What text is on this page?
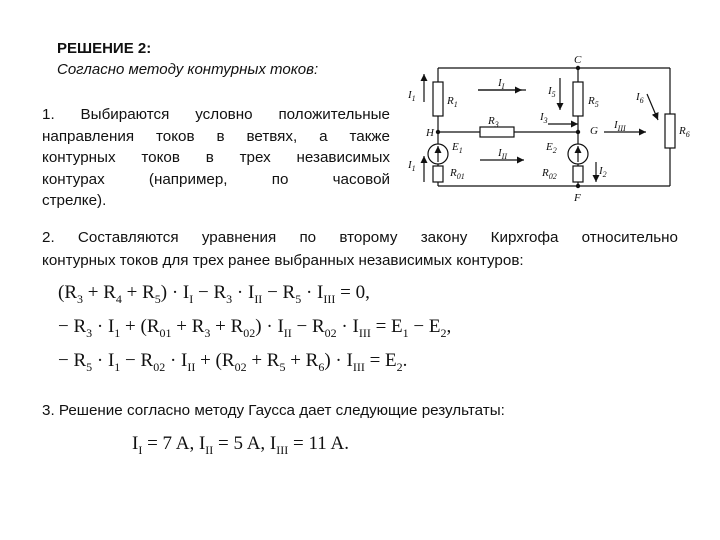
РЕШЕНИЕ 2:
Согласно методу контурных токов:
1. Выбираются условно положительные
направления токов в ветвях, а также
контурных токов в трех независимых
контурах (например, по часовой
стрелке).
C
H	G
F
$I_1$	$R_1$
$I_I$	$I_5$
$R_5$
$I_6$
$R_3$
$I_3$	$I_{III}$	$R_6$
$E_1$	$I_{II}$
$E_2$
$I_1$	$R_{01}$	$R_{02}$	$I_2$
2. Составляются уравнения по второму закону Кирхгофа относительно
контурных токов для трех ранее выбранных независимых контуров:
$(R_3 + R_4 + R_5) \cdot I_I - R_3 \cdot I_{II} - R_5 \cdot I_{III} = 0$,
− $R_3 \cdot I_1 + (R_{01} + R_3 + R_{02}) \cdot I_{II} - R_{02} \cdot I_{III} = E_1 - E_2$,
− $R_5 \cdot I_1 - R_{02} \cdot I_{II} + (R_{02} + R_5 + R_6) \cdot I_{III} = E_2$.
3. Решение согласно методу Гаусса дает следующие результаты:
$I_I = 7$ A, $I_{II} = 5$ A, $I_{III} = 11$ A.
